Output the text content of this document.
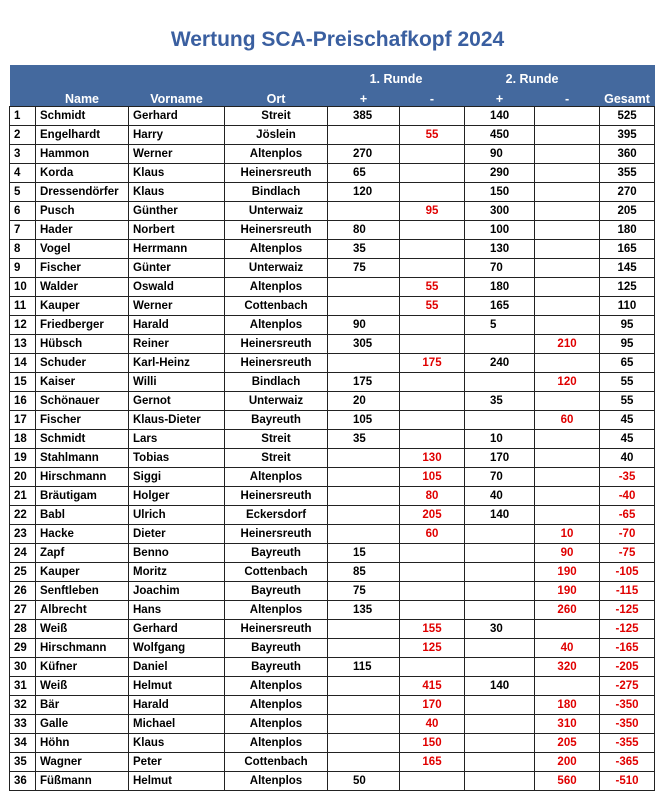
Wertung SCA-Preischafkopf 2024
				1. Runde		2. Runde		
	Name	Vorname	Ort	+	-	+	-	Gesamt
1	Schmidt	Gerhard	Streit	385		140		525
2	Engelhardt	Harry	Jöslein		55	450		395
3	Hammon	Werner	Altenplos	270		90		360
4	Korda	Klaus	Heinersreuth	65		290		355
5	Dressendörfer	Klaus	Bindlach	120		150		270
6	Pusch	Günther	Unterwaiz		95	300		205
7	Hader	Norbert	Heinersreuth	80		100		180
8	Vogel	Herrmann	Altenplos	35		130		165
9	Fischer	Günter	Unterwaiz	75		70		145
10	Walder	Oswald	Altenplos		55	180		125
11	Kauper	Werner	Cottenbach		55	165		110
12	Friedberger	Harald	Altenplos	90		5		95
13	Hübsch	Reiner	Heinersreuth	305			210	95
14	Schuder	Karl-Heinz	Heinersreuth		175	240		65
15	Kaiser	Willi	Bindlach	175			120	55
16	Schönauer	Gernot	Unterwaiz	20		35		55
17	Fischer	Klaus-Dieter	Bayreuth	105			60	45
18	Schmidt	Lars	Streit	35		10		45
19	Stahlmann	Tobias	Streit		130	170		40
20	Hirschmann	Siggi	Altenplos		105	70		-35
21	Bräutigam	Holger	Heinersreuth		80	40		-40
22	Babl	Ulrich	Eckersdorf		205	140		-65
23	Hacke	Dieter	Heinersreuth		60		10	-70
24	Zapf	Benno	Bayreuth	15			90	-75
25	Kauper	Moritz	Cottenbach	85			190	-105
26	Senftleben	Joachim	Bayreuth	75			190	-115
27	Albrecht	Hans	Altenplos	135			260	-125
28	Weiß	Gerhard	Heinersreuth		155	30		-125
29	Hirschmann	Wolfgang	Bayreuth		125		40	-165
30	Küfner	Daniel	Bayreuth	115			320	-205
31	Weiß	Helmut	Altenplos		415	140		-275
32	Bär	Harald	Altenplos		170		180	-350
33	Galle	Michael	Altenplos		40		310	-350
34	Höhn	Klaus	Altenplos		150		205	-355
35	Wagner	Peter	Cottenbach		165		200	-365
36	Füßmann	Helmut	Altenplos	50			560	-510
